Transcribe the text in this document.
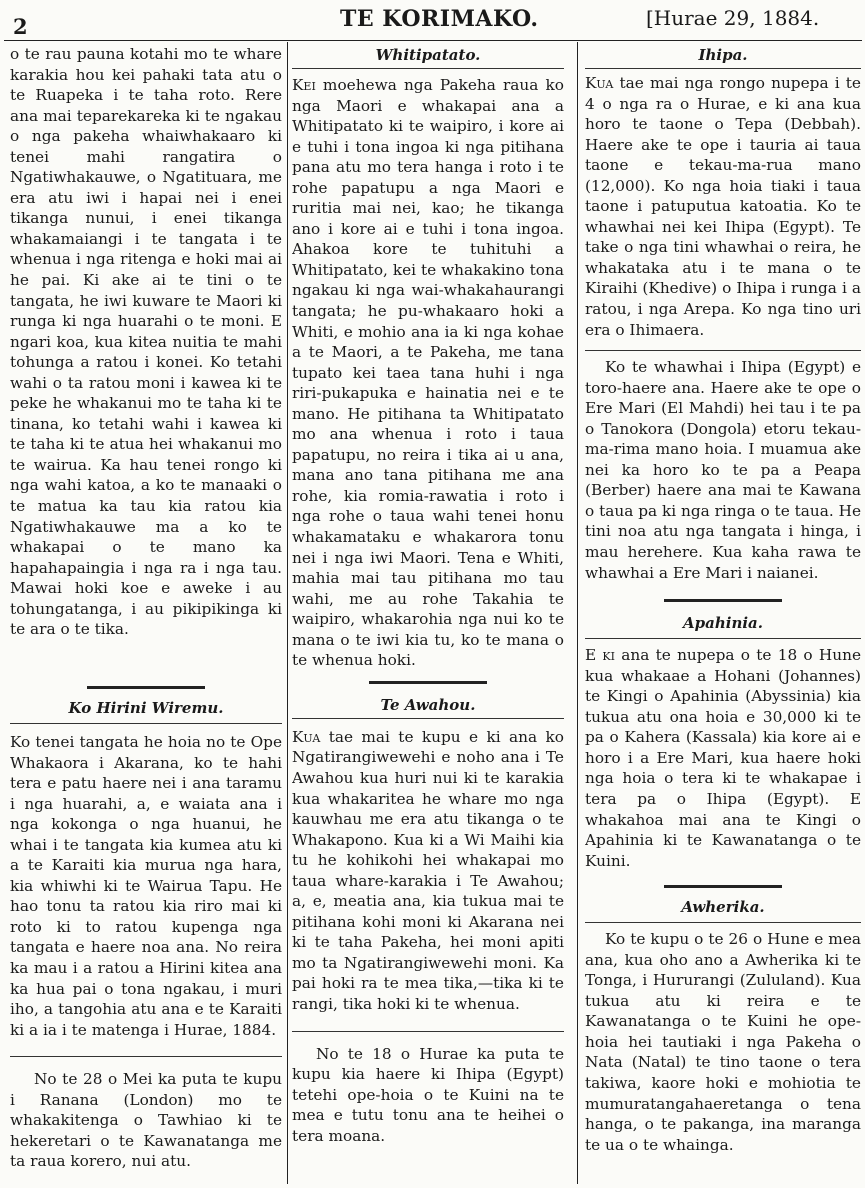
2	TE KORIMAKO.	[Hurae 29, 1884.

o te rau pauna kotahi mo te whare karakia hou kei pahaki tata atu o te Ruapeka i te taha roto. Rere ana mai teparekareka ki te ngakau o nga pakeha whaiwhakaaro ki tenei mahi rangatira o Ngatiwhakauwe, o Ngatituara, me era atu iwi i hapai nei i enei tikanga nunui, i enei tikanga whakamaiangi i te tangata i te whenua i nga ritenga e hoki mai ai he pai. Ki ake ai te tini o te tangata, he iwi kuware te Maori ki runga ki nga huarahi o te moni. E ngari koa, kua kitea nuitia te mahi tohunga a ratou i konei. Ko tetahi wahi o ta ratou moni i kawea ki te peke he whakanui mo te taha ki te tinana, ko tetahi wahi i kawea ki te taha ki te atua hei whakanui mo te wairua. Ka hau tenei rongo ki nga wahi katoa, a ko te manaaki o te matua ka tau kia ratou kia Ngatiwhakauwe ma a ko te whakapai o te mano ka hapahapaingia i nga ra i nga tau. Mawai hoki koe e aweke i au tohungatanga, i au pikipikinga ki te ara o te tika.

Ko Hirini Wiremu.

Ko tenei tangata he hoia no te Ope Whakaora i Akarana, ko te hahi tera e patu haere nei i ana taramu i nga huarahi, a, e waiata ana i nga kokonga o nga huanui, he whai i te tangata kia kumea atu ki a te Karaiti kia murua nga hara, kia whiwhi ki te Wairua Tapu. He hao tonu ta ratou kia riro mai ki roto ki to ratou kupenga nga tangata e haere noa ana. No reira ka mau i a ratou a Hirini kitea ana ka hua pai o tona ngakau, i muri iho, a tangohia atu ana e te Karaiti ki a ia i te matenga i Hurae, 1884.

No te 28 o Mei ka puta te kupu i Ranana (London) mo te whakakitenga o Tawhiao ki te hekeretari o te Kawanatanga me ta raua korero, nui atu.

Whitipatato.

Kei moehewa nga Pakeha raua ko nga Maori e whakapai ana a Whitipatato ki te waipiro, i kore ai e tuhi i tona ingoa ki nga pitihana pana atu mo tera hanga i roto i te rohe papatupu a nga Maori e ruritia mai nei, kao; he tikanga ano i kore ai e tuhi i tona ingoa. Ahakoa kore te tuhituhi a Whitipatato, kei te whakakino tona ngakau ki nga wai-whakahaurangi tangata; he pu-whakaaro hoki a Whiti, e mohio ana ia ki nga kohae a te Maori, a te Pakeha, me tana tupato kei taea tana huhi i nga riri-pukapuka e hainatia nei e te mano. He pitihana ta Whitipatato mo ana whenua i roto i taua papatupu, no reira i tika ai u ana, mana ano tana pitihana me ana rohe, kia romia-rawatia i roto i nga rohe o taua wahi tenei honu whakamataku e whakarora tonu nei i nga iwi Maori. Tena e Whiti, mahia mai tau pitihana mo tau wahi, me au rohe Takahia te waipiro, whakarohia nga nui ko te mana o te iwi kia tu, ko te mana o te whenua hoki.

Te Awahou.

Kua tae mai te kupu e ki ana ko Ngatirangiwewehi e noho ana i Te Awahou kua huri nui ki te karakia kua whakaritea he whare mo nga kauwhau me era atu tikanga o te Whakapono. Kua ki a Wi Maihi kia tu he kohikohi hei whakapai mo taua whare-karakia i Te Awahou; a, e, meatia ana, kia tukua mai te pitihana kohi moni ki Akarana nei ki te taha Pakeha, hei moni apiti mo ta Ngatirangiwewehi moni. Ka pai hoki ra te mea tika,—tika ki te rangi, tika hoki ki te whenua.

No te 18 o Hurae ka puta te kupu kia haere ki Ihipa (Egypt) tetehi ope-hoia o te Kuini na te mea e tutu tonu ana te heihei o tera moana.

Ihipa.

Kua tae mai nga rongo nupepa i te 4 o nga ra o Hurae, e ki ana kua horo te taone o Tepa (Debbah). Haere ake te ope i tauria ai taua taone e tekau-ma-rua mano (12,000). Ko nga hoia tiaki i taua taone i patuputua katoatia. Ko te whawhai nei kei Ihipa (Egypt). Te take o nga tini whawhai o reira, he whakataka atu i te mana o te Kiraihi (Khedive) o Ihipa i runga i a ratou, i nga Arepa. Ko nga tino uri era o Ihimaera.

Ko te whawhai i Ihipa (Egypt) e toro-haere ana. Haere ake te ope o Ere Mari (El Mahdi) hei tau i te pa o Tanokora (Dongola) etoru tekau-ma-rima mano hoia. I muamua ake nei ka horo ko te pa a Peapa (Berber) haere ana mai te Kawana o taua pa ki nga ringa o te taua. He tini noa atu nga tangata i hinga, i mau herehere. Kua kaha rawa te whawhai a Ere Mari i naianei.

Apahinia.

E ki ana te nupepa o te 18 o Hune kua whakaae a Hohani (Johannes) te Kingi o Apahinia (Abyssinia) kia tukua atu ona hoia e 30,000 ki te pa o Kahera (Kassala) kia kore ai e horo i a Ere Mari, kua haere hoki nga hoia o tera ki te whakapae i tera pa o Ihipa (Egypt). E whakahoa mai ana te Kingi o Apahinia ki te Kawanatanga o te Kuini.

Awherika.

Ko te kupu o te 26 o Hune e mea ana, kua oho ano a Awherika ki te Tonga, i Hururangi (Zululand). Kua tukua atu ki reira e te Kawanatanga o te Kuini he ope-hoia hei tautiaki i nga Pakeha o Nata (Natal) te tino taone o tera takiwa, kaore hoki e mohiotia te mumuratangahaeretanga o tena hanga, o te pakanga, ina maranga te ua o te whainga.
